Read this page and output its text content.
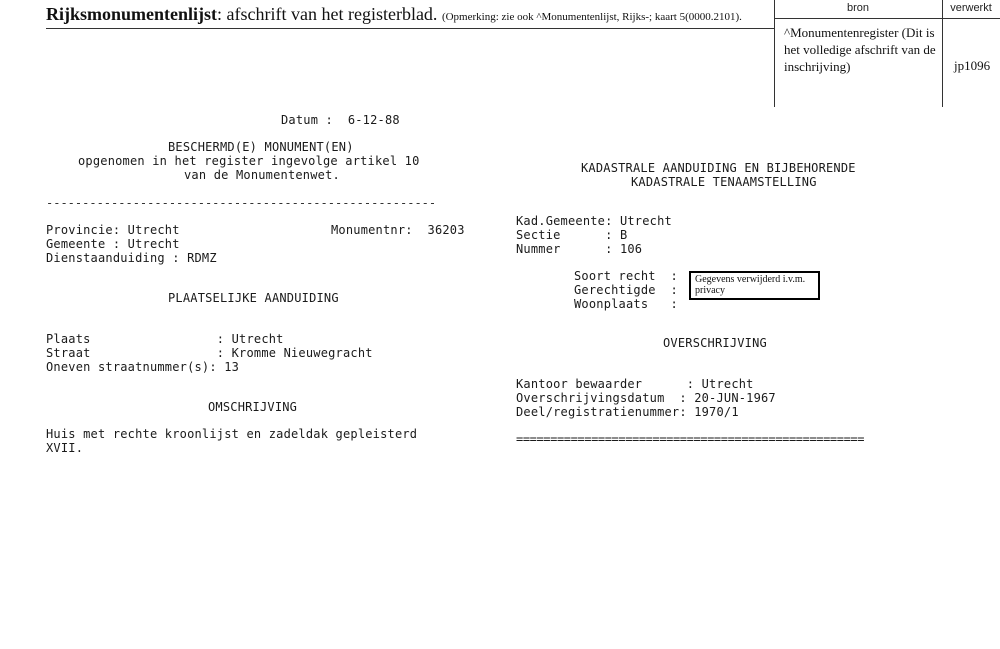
Rijksmonumentenlijst: afschrift van het registerblad. (Opmerking: zie ook ^Monumentenlijst, Rijks-; kaart 5(0000.2101).
bron	verwerkt
^Monumentenregister (Dit is het volledige afschrift van de inschrijving)	jp1096
Datum :  6-12-88
BESCHERMD(E) MONUMENT(EN)
opgenomen in het register ingevolge artikel 10
van de Monumentenwet.
------------------------------------------------------
Provincie: Utrecht	Monumentnr:  36203
Gemeente : Utrecht
Dienstaanduiding : RDMZ
PLAATSELIJKE AANDUIDING
Plaats                 : Utrecht
Straat                 : Kromme Nieuwegracht
Oneven straatnummer(s): 13
OMSCHRIJVING
Huis met rechte kroonlijst en zadeldak gepleisterd
XVII.
KADASTRALE AANDUIDING EN BIJBEHORENDE
KADASTRALE TENAAMSTELLING
Kad.Gemeente: Utrecht
Sectie      : B
Nummer      : 106
Soort recht  :
Gerechtigde  :
Woonplaats   :
Gegevens verwijderd i.v.m. privacy
OVERSCHRIJVING
Kantoor bewaarder      : Utrecht
Overschrijvingsdatum  : 20-JUN-1967
Deel/registratienummer: 1970/1
===================================================
